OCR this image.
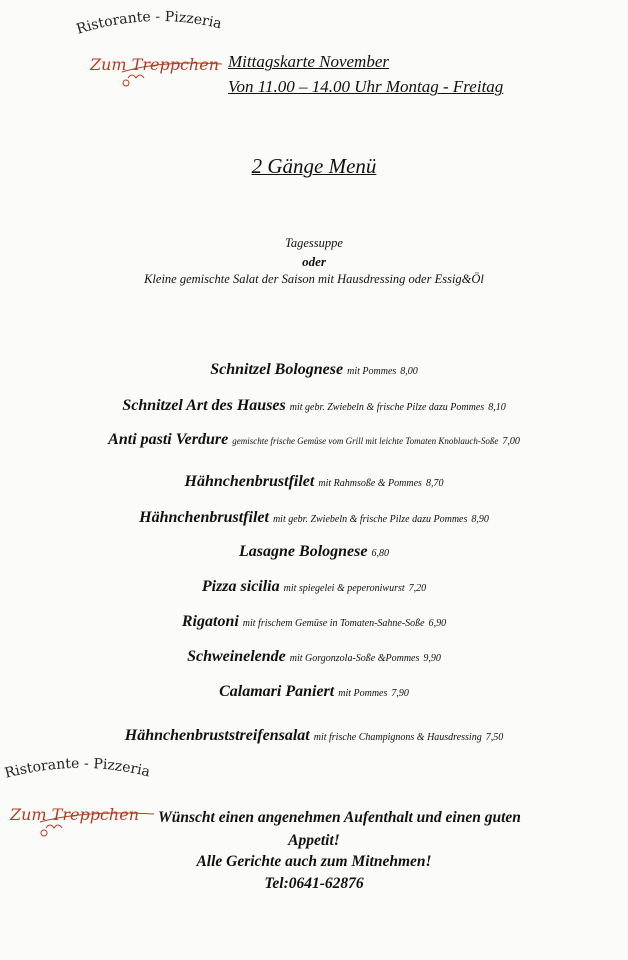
Ristorante - Pizzeria
Zum Treppchen Mittagskarte November
Von 11.00 – 14.00 Uhr Montag - Freitag
2 Gänge Menü
Tagessuppe
oder
Kleine gemischte Salat der Saison mit Hausdressing oder Essig&Öl
Schnitzel Bolognese mit Pommes 8,00
Schnitzel Art des Hauses mit gebr. Zwiebeln & frische Pilze dazu Pommes 8,10
Anti pasti Verdure gemischte frische Gemüse vom Grill mit leichte Tomaten Knoblauch-Soße 7,00
Hähnchenbrustfilet mit Rahmsoße & Pommes 8,70
Hähnchenbrustfilet mit gebr. Zwiebeln & frische Pilze dazu Pommes 8,90
Lasagne Bolognese 6,80
Pizza sicilia mit spiegelei & peperoniwurst 7,20
Rigatoni mit frischem Gemüse in Tomaten-Sahne-Soße 6,90
Schweinelende mit Gorgonzola-Soße &Pommes 9,90
Calamari Paniert mit Pommes 7,90
Hähnchenbruststreifensalat mit frische Champignons & Hausdressing 7,50
Ristorante - Pizzeria
Zum Treppchen Wünscht einen angenehmen Aufenthalt und einen guten
Appetit!
Alle Gerichte auch zum Mitnehmen!
Tel:0641-62876
